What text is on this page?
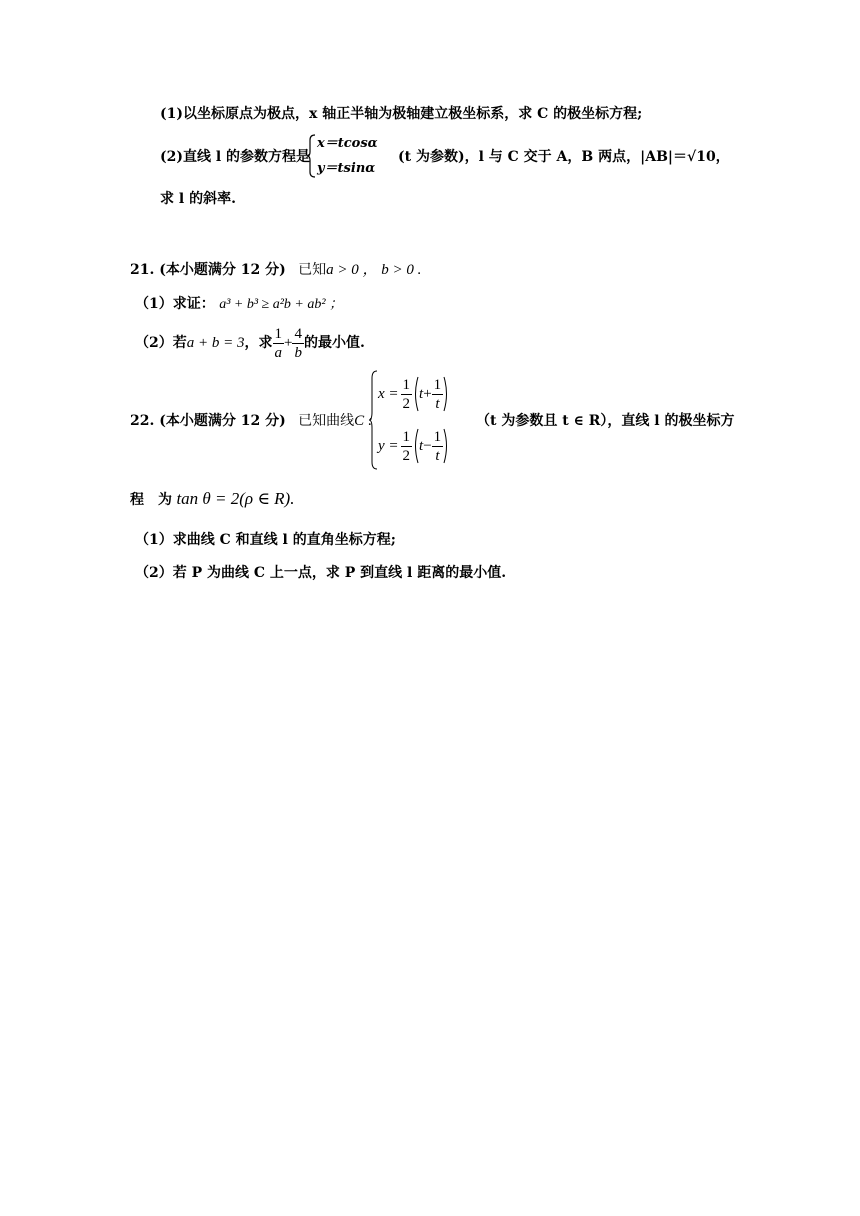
(1)以坐标原点为极点，x 轴正半轴为极轴建立极坐标系，求 C 的极坐标方程;
(2)直线 l 的参数方程是
x＝tcosα
y＝tsinα
(t 为参数)，l 与 C 交于 A，B 两点，|AB|＝√10，
求 l 的斜率.
21. (本小题满分 12 分) 已知a > 0 ， b > 0 .
（1）求证： a³ + b³ ≥ a²b + ab² ；
（2）若a + b = 3，求 $\frac{1}{a} + \frac{4}{b}$ 的最小值.
22. (本小题满分 12 分) 已知曲线C :
$x = \frac{1}{2}$ $t + \frac{1}{t}$
$y = \frac{1}{2}$ $t - \frac{1}{t}$
（t 为参数且 t ∈ R），直线 l 的极坐标方
程　为 tan θ = 2(ρ ∈ R).
（1）求曲线 C 和直线 l 的直角坐标方程;
（2）若 P 为曲线 C 上一点，求 P 到直线 l 距离的最小值.
